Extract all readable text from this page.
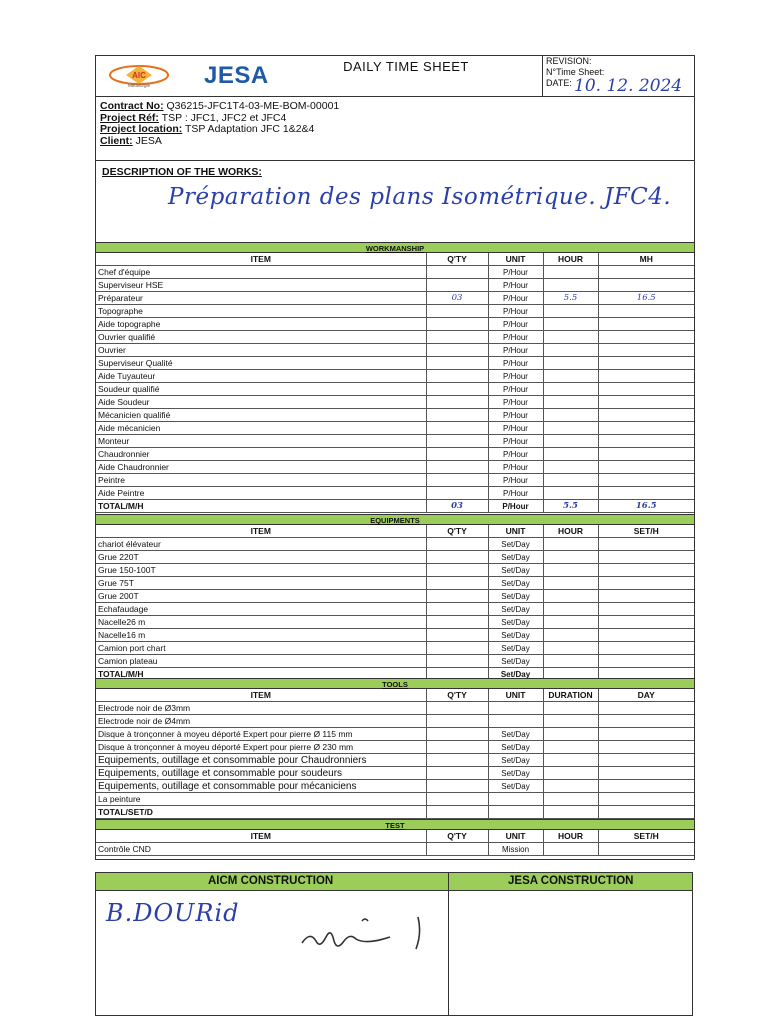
AIC
Métallurgie JESA	DAILY TIME SHEET	REVISION:
N°Time Sheet:
DATE: 10. 12. 2024
Contract No: Q36215-JFC1T4-03-ME-BOM-00001
Project Réf: TSP : JFC1, JFC2 et JFC4
Project location: TSP Adaptation JFC 1&2&4
Client: JESA
DESCRIPTION OF THE WORKS:
Préparation des plans Isométrique. JFC4.
WORKMANSHIP
ITEM	Q'TY	UNIT	HOUR	MH
Chef d'équipe		P/Hour		
Superviseur HSE		P/Hour		
Préparateur	03	P/Hour	5.5	16.5
Topographe		P/Hour		
Aide topographe		P/Hour		
Ouvrier qualifié		P/Hour		
Ouvrier		P/Hour		
Superviseur Qualité		P/Hour		
Aide Tuyauteur		P/Hour		
Soudeur qualifié		P/Hour		
Aide Soudeur		P/Hour		
Mécanicien qualifié		P/Hour		
Aide mécanicien		P/Hour		
Monteur		P/Hour		
Chaudronnier		P/Hour		
Aide Chaudronnier		P/Hour		
Peintre		P/Hour		
Aide Peintre		P/Hour		
TOTAL/M/H	03	P/Hour	5.5	16.5
EQUIPMENTS
ITEM	Q'TY	UNIT	HOUR	SET/H
chariot élévateur		Set/Day		
Grue 220T		Set/Day		
Grue 150-100T		Set/Day		
Grue 75T		Set/Day		
Grue 200T		Set/Day		
Echafaudage		Set/Day		
Nacelle26 m		Set/Day		
Nacelle16 m		Set/Day		
Camion port chart		Set/Day		
Camion plateau		Set/Day		
TOTAL/M/H		Set/Day		
TOOLS
ITEM	Q'TY	UNIT	DURATION	DAY
Electrode noir de Ø3mm				
Electrode noir de Ø4mm				
Disque à tronçonner à moyeu déporté Expert pour pierre Ø 115 mm		Set/Day		
Disque à tronçonner à moyeu déporté Expert pour pierre Ø 230 mm		Set/Day		
Equipements, outillage et consommable pour Chaudronniers		Set/Day		
Equipements, outillage et consommable pour soudeurs		Set/Day		
Equipements, outillage et consommable pour mécaniciens		Set/Day		
La peinture				
TOTAL/SET/D				
TEST
ITEM	Q'TY	UNIT	HOUR	SET/H
Contrôle CND		Mission		
AICM CONSTRUCTION	JESA CONSTRUCTION
B.DOURid
